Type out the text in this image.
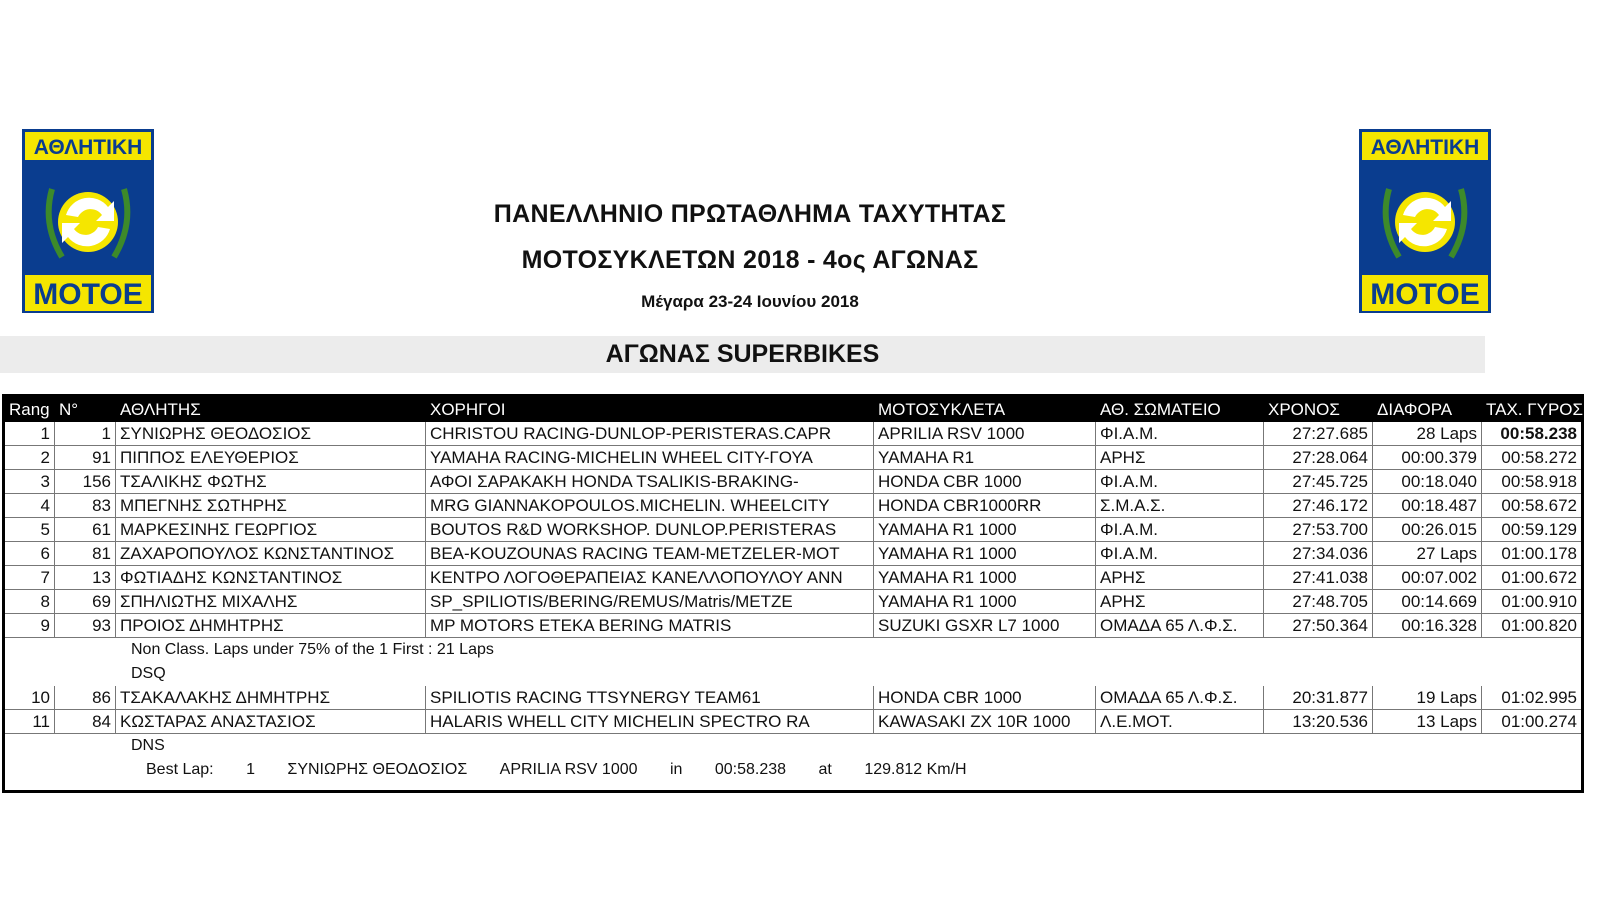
ΑΘΛΗΤΙΚΗ
ΜΟΤΟΕ
ΑΘΛΗΤΙΚΗ
ΜΟΤΟΕ
ΠΑΝΕΛΛΗΝΙΟ ΠΡΩΤΑΘΛΗΜΑ ΤΑΧΥΤΗΤΑΣ
ΜΟΤΟΣΥΚΛΕΤΩΝ 2018 - 4ος ΑΓΩΝΑΣ
Μέγαρα 23-24 Ιουνίου 2018
ΑΓΩΝΑΣ SUPERBIKES
Rang N°	ΑΘΛΗΤΗΣ	ΧΟΡΗΓΟΙ	ΜΟΤΟΣΥΚΛΕΤΑ	ΑΘ. ΣΩΜΑΤΕΙΟ	ΧΡΟΝΟΣ	ΔΙΑΦΟΡΑ	ΤΑΧ. ΓΥΡΟΣ
1	1 ΣΥΝΙΩΡΗΣ ΘΕΟΔΟΣΙΟΣ	CHRISTOU RACING-DUNLOP-PERISTERAS.CAPR	APRILIA RSV 1000	ΦΙ.Α.Μ.	27:27.685	28 Laps	00:58.238
2	91 ΠΙΠΠΟΣ ΕΛΕΥΘΕΡΙΟΣ	YAMAHA RACING-MICHELIN WHEEL CITY-ΓΟΥΑ	YAMAHA R1	ΑΡΗΣ	27:28.064	00:00.379	00:58.272
3	156 ΤΣΑΛΙΚΗΣ ΦΩΤΗΣ	ΑΦΟΙ ΣΑΡΑΚΑΚΗ HONDA TSALIKIS-BRAKING-	HONDA CBR 1000	ΦΙ.Α.Μ.	27:45.725	00:18.040	00:58.918
4	83 ΜΠΕΓΝΗΣ ΣΩΤΗΡΗΣ	MRG GIANNAKOPOULOS.MICHELIN. WHEELCITY	HONDA CBR1000RR	Σ.Μ.Α.Σ.	27:46.172	00:18.487	00:58.672
5	61 ΜΑΡΚΕΣΙΝΗΣ ΓΕΩΡΓΙΟΣ	BOUTOS R&D WORKSHOP. DUNLOP.PERISTERAS	YAMAHA R1 1000	ΦΙ.Α.Μ.	27:53.700	00:26.015	00:59.129
6	81 ΖΑΧΑΡΟΠΟΥΛΟΣ ΚΩΝΣΤΑΝΤΙΝΟΣ	BEA-KOUZOUNAS RACING TEAM-METZELER-MOT	YAMAHA R1 1000	ΦΙ.Α.Μ.	27:34.036	27 Laps	01:00.178
7	13 ΦΩΤΙΑΔΗΣ ΚΩΝΣΤΑΝΤΙΝΟΣ	ΚΕΝΤΡΟ ΛΟΓΟΘΕΡΑΠΕΙΑΣ ΚΑΝΕΛΛΟΠΟΥΛΟΥ ΑΝΝ	YAMAHA R1 1000	ΑΡΗΣ	27:41.038	00:07.002	01:00.672
8	69 ΣΠΗΛΙΩΤΗΣ ΜΙΧΑΛΗΣ	SP_SPILIOTIS/BERING/REMUS/Matris/METZE	YAMAHA R1 1000	ΑΡΗΣ	27:48.705	00:14.669	01:00.910
9	93 ΠΡΟΙΟΣ ΔΗΜΗΤΡΗΣ	MP MOTORS ETEKA BERING MATRIS	SUZUKI GSXR L7 1000	ΟΜΑΔΑ 65 Λ.Φ.Σ.	27:50.364	00:16.328	01:00.820
Non Class. Laps under 75% of the 1 First : 21 Laps
DSQ
10	86 ΤΣΑΚΑΛΑΚΗΣ ΔΗΜΗΤΡΗΣ	SPILIOTIS RACING TTSYNERGY TEAM61	HONDA CBR 1000	ΟΜΑΔΑ 65 Λ.Φ.Σ.	20:31.877	19 Laps	01:02.995
11	84 ΚΩΣΤΑΡΑΣ ΑΝΑΣΤΑΣΙΟΣ	HALARIS WHELL CITY MICHELIN SPECTRO RA	KAWASAKI ZX 10R 1000	Λ.Ε.ΜΟΤ.	13:20.536	13 Laps	01:00.274
DNS
Best Lap: 1 ΣΥΝΙΩΡΗΣ ΘΕΟΔΟΣΙΟΣ APRILIA RSV 1000 in 00:58.238 at 129.812 Km/H
